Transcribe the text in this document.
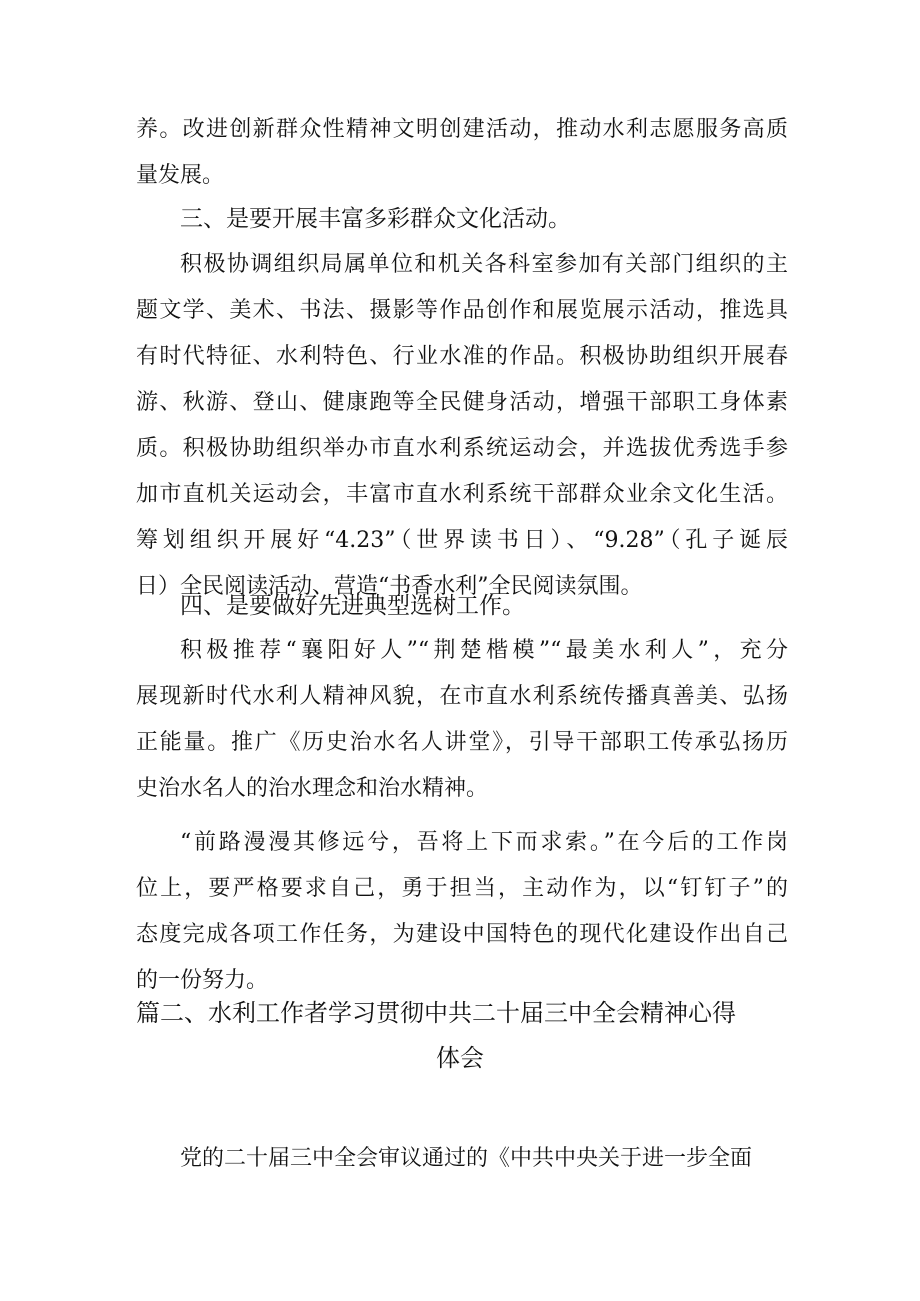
养。改进创新群众性精神文明创建活动，推动水利志愿服务高质
量发展。
三、是要开展丰富多彩群众文化活动。
积极协调组织局属单位和机关各科室参加有关部门组织的主
题文学、美术、书法、摄影等作品创作和展览展示活动，推选具
有时代特征、水利特色、行业水准的作品。积极协助组织开展春
游、秋游、登山、健康跑等全民健身活动，增强干部职工身体素
质。积极协助组织举办市直水利系统运动会，并选拔优秀选手参
加市直机关运动会，丰富市直水利系统干部群众业余文化生活。
筹划组织开展好“4.23”（世界读书日）、“9.28”（孔子诞辰
日）全民阅读活动、营造“书香水利”全民阅读氛围。
四、是要做好先进典型选树工作。
积极推荐“襄阳好人”“荆楚楷模”“最美水利人”，充分
展现新时代水利人精神风貌，在市直水利系统传播真善美、弘扬
正能量。推广《历史治水名人讲堂》，引导干部职工传承弘扬历
史治水名人的治水理念和治水精神。
“前路漫漫其修远兮，吾将上下而求索。”在今后的工作岗
位上，要严格要求自己，勇于担当，主动作为，以“钉钉子”的
态度完成各项工作任务，为建设中国特色的现代化建设作出自己
的一份努力。
篇二、水利工作者学习贯彻中共二十届三中全会精神心得
体会
党的二十届三中全会审议通过的《中共中央关于进一步全面
